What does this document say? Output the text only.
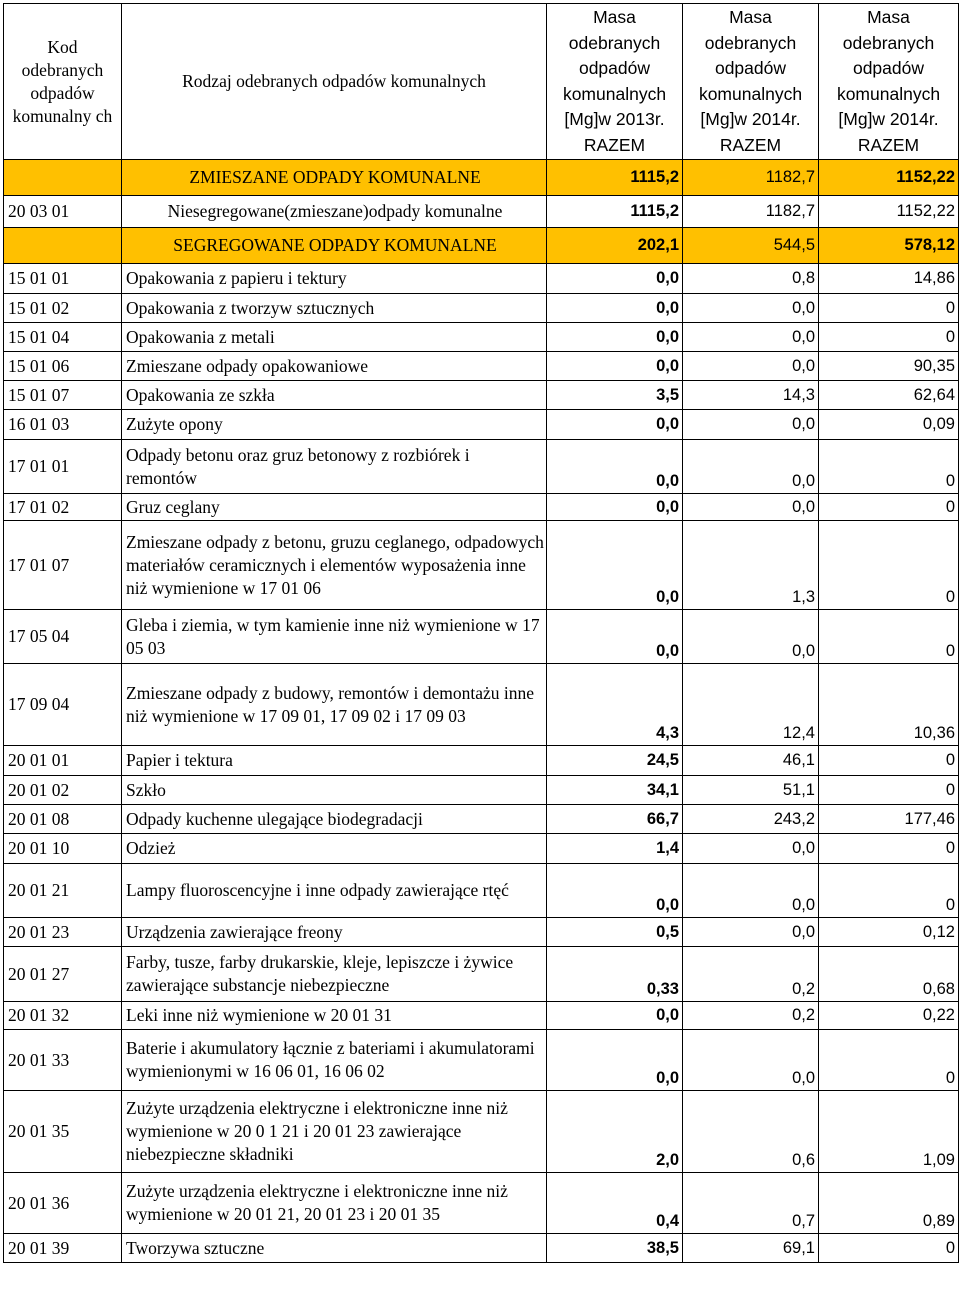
Kod odebranych odpadów komunalny ch	Rodzaj odebranych odpadów komunalnych	Masa odebranych odpadów komunalnych [Mg]w 2013r. RAZEM	Masa odebranych odpadów komunalnych [Mg]w 2014r. RAZEM	Masa odebranych odpadów komunalnych [Mg]w 2014r. RAZEM
	ZMIESZANE ODPADY KOMUNALNE	1115,2	1182,7	1152,22
20 03 01	Niesegregowane(zmieszane)odpady komunalne	1115,2	1182,7	1152,22
	SEGREGOWANE ODPADY KOMUNALNE	202,1	544,5	578,12
15 01 01	Opakowania z papieru i tektury	0,0	0,8	14,86
15 01 02	Opakowania z tworzyw sztucznych	0,0	0,0	0
15 01 04	Opakowania z metali	0,0	0,0	0
15 01 06	Zmieszane odpady opakowaniowe	0,0	0,0	90,35
15 01 07	Opakowania ze szkła	3,5	14,3	62,64
16 01 03	Zużyte opony	0,0	0,0	0,09
17 01 01	Odpady betonu oraz gruz betonowy z rozbiórek i remontów	0,0	0,0	0
17 01 02	Gruz ceglany	0,0	0,0	0
17 01 07	Zmieszane odpady z betonu, gruzu ceglanego, odpadowych materiałów ceramicznych i elementów wyposażenia inne niż wymienione w 17 01 06	0,0	1,3	0
17 05 04	Gleba i ziemia, w tym kamienie inne niż wymienione w 17 05 03	0,0	0,0	0
17 09 04	Zmieszane odpady z budowy, remontów i demontażu inne niż wymienione w 17 09 01, 17 09 02 i 17 09 03	4,3	12,4	10,36
20 01 01	Papier i tektura	24,5	46,1	0
20 01 02	Szkło	34,1	51,1	0
20 01 08	Odpady kuchenne ulegające biodegradacji	66,7	243,2	177,46
20 01 10	Odzież	1,4	0,0	0
20 01 21	Lampy fluoroscencyjne i inne odpady zawierające rtęć	0,0	0,0	0
20 01 23	Urządzenia zawierające freony	0,5	0,0	0,12
20 01 27	Farby, tusze, farby drukarskie, kleje, lepiszcze i żywice zawierające substancje niebezpieczne	0,33	0,2	0,68
20 01 32	Leki inne niż wymienione w 20 01 31	0,0	0,2	0,22
20 01 33	Baterie i akumulatory łącznie z bateriami i akumulatorami wymienionymi w 16 06 01, 16 06 02	0,0	0,0	0
20 01 35	Zużyte urządzenia elektryczne i elektroniczne inne niż wymienione w 20 0 1 21 i 20 01 23 zawierające niebezpieczne składniki	2,0	0,6	1,09
20 01 36	Zużyte urządzenia elektryczne i elektroniczne inne niż wymienione w 20 01 21, 20 01 23 i 20 01 35	0,4	0,7	0,89
20 01 39	Tworzywa sztuczne	38,5	69,1	0
